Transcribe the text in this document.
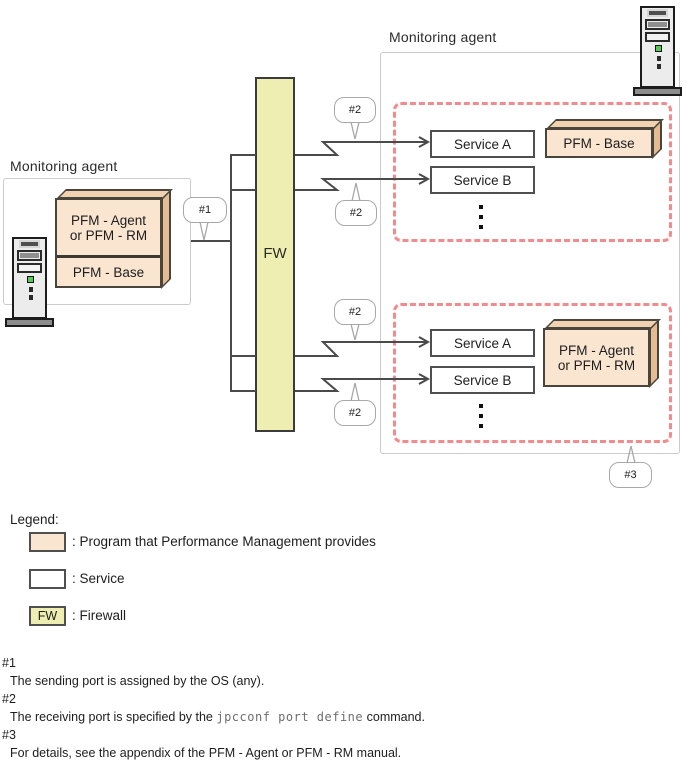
Monitoring agent
PFM - Agent
or PFM - RM
PFM - Base
FW
Monitoring agent
Service A
Service B
PFM - Base
Service A
Service B
PFM - Agent
or PFM - RM
#1
#2
#2
#2
#2
#3
Legend:
: Program that Performance Management provides
: Service
FW	: Firewall
#1
The sending port is assigned by the OS (any).
#2
The receiving port is specified by the jpcconf port define command.
#3
For details, see the appendix of the PFM - Agent or PFM - RM manual.
